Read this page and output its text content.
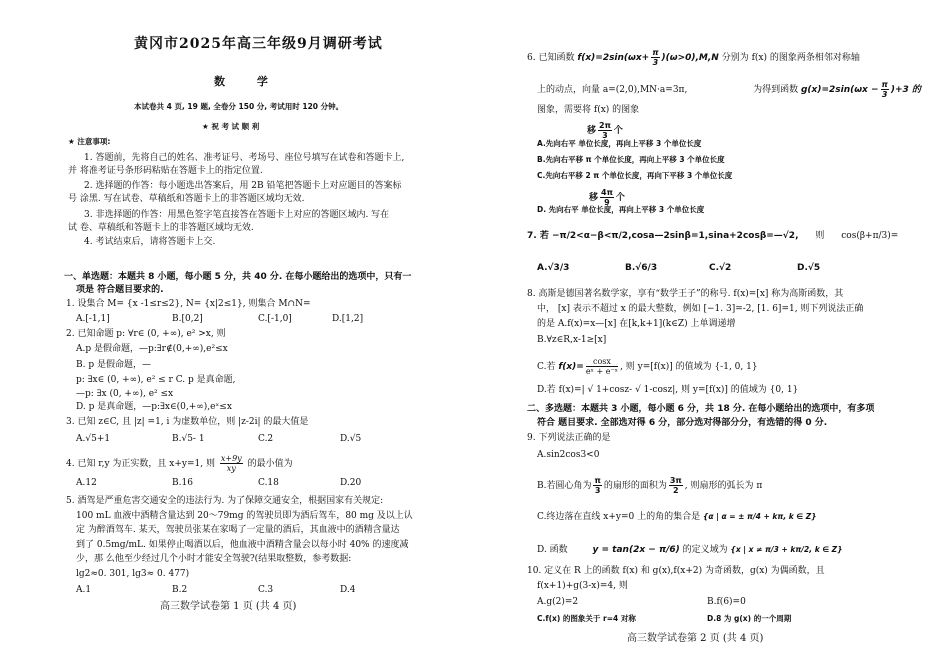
黄冈市2025年高三年级9月调研考试
数 学
本试卷共 4 页, 19 题, 全卷分 150 分, 考试用时 120 分钟。
★ 祝 考 试 顺 利
★ 注意事项:
1. 答题前，先将自己的姓名、准考证号、考场号、座位号填写在试卷和答题卡上,
并 将准考证号条形码粘贴在答题卡上的指定位置.
2. 选择题的作答：每小题选出答案后，用 2B 铅笔把答题卡上对应题目的答案标
号 涂黑. 写在试卷、草稿纸和答题卡上的非答题区域均无效.
3. 非选择题的作答：用黑色签字笔直接答在答题卡上对应的答题区域内. 写在
试 卷、草稿纸和答题卡上的非答题区域均无效.
4. 考试结束后，请将答题卡上交.
一、单选题：本题共 8 小题，每小题 5 分，共 40 分. 在每小题给出的选项中，只有一
项是 符合题目要求的.
1. 设集合 M= {x -1≤r≤2}, N= {x|2≤1}, 则集合 M∩N=
A.[-1,1]	B.[0,2]	C.[-1,0]	D.[1,2]
2. 已知命题 p: ∀r∈ (0, +∞), e² >x, 则
A.p 是假命题，—p:∃r∉(0,+∞),e²≤x
B. p 是假命题，—
p: ∃x∈ (0, +∞), e² ≤ r C. p 是真命题,
—p: ∃x (0, +∞), e² ≤x
D. p 是真命题，—p:∃x∈(0,+∞),eˣ≤x
3. 已知 z∈C, 且 |z| =1, i 为虚数单位，则 |z-2i| 的最大值是
A.√5+1	B.√5- 1	C.2	D.√5
4. 已知 r,y 为正实数，且 x+y=1, 则 $\frac{x+9y}{xy}$ 的最小值为
A.12	B.16	C.18	D.20
5. 酒驾是严重危害交通安全的违法行为. 为了保障交通安全，根据国家有关规定:
100 mL 血液中酒精含量达到 20～79mg 的驾驶员即为酒后驾车，80 mg 及以上认
定 为醉酒驾车. 某天，驾驶员张某在家喝了一定量的酒后，其血液中的酒精含量达
到了 0.5mg/mL. 如果停止喝酒以后，他血液中酒精含量会以每小时 40% 的速度减
少，那 么他至少经过几个小时才能安全驾驶?(结果取整数，参考数据:
lg2≈0. 301, lg3≈ 0. 477)
A.1	B.2	C.3	D.4
高三数学试卷第 1 页 (共 4 页)
6. 已知函数 $f(x)=2\sin(\omega x+ \frac{\pi}{3} )(\omega>0),M,N$ 分别为 f(x) 的图象两条相邻对称轴
上的动点，向量 a=(2,0),MN·a=3π,	为得到函数 $g(x)=2\sin(\omega x - \frac{\pi}{3} )+3$ 的
图象，需要将 f(x) 的图象
移 $\frac{2\pi}{3}$ 个
A.先向右平 单位长度，再向上平移 3 个单位长度
B.先向右平移 π 个单位长度，再向上平移 3 个单位长度
C.先向右平移 2 π 个单位长度，再向下平移 3 个单位长度
移 $\frac{4\pi}{9}$ 个
D. 先向右平 单位长度，再向上平移 3 个单位长度
7. 若 −π/2<α−β<π/2,cosa—2sinβ=1,sina+2cosβ=—√2, 则 cos(β+π/3)=
A.√3/3	B.√6/3	C.√2	D.√5
8. 高斯是德国著名数学家，享有“数学王子”的称号. f(x)=[x] 称为高斯函数，其
中， [x] 表示不超过 x 的最大整数，例如 [−1. 3]=-2, [1. 6]=1, 则下列说法正确
的是 A.f(x)=x—[x] 在[k,k+1](k∈Z) 上单调递增
B.∀z∈R,x-1≥[x]
C.若 $f(x)= \frac{\cos x}{\text{eˣ + e⁻ˣ}}$ , 则 y=[f(x)] 的值域为 {-1, 0, 1}
D.若 f(x)=| √ 1+cosz- √ 1-cosz|, 则 y=[f(x)] 的值域为 {0, 1}
二、多选题：本题共 3 小题，每小题 6 分，共 18 分. 在每小题给出的选项中，有多项
符合 题目要求. 全部选对得 6 分，部分选对得部分分，有选错的得 0 分.
9. 下列说法正确的是
A.sin2cos3<0
B.若圆心角为 $\frac{\pi}{3}$ 的扇形的面积为 $\frac{3\pi}{2}$ , 则扇形的弧长为 π
C.终边落在直线 x+y=0 上的角的集合是 {α | α = ± π/4 + kπ, k ∈ Z}
D. 函数	y = tan(2x − π/6) 的定义域为 {x | x ≠ π/3 + kπ/2, k ∈ Z}
10. 定义在 R 上的函数 f(x) 和 g(x),f(x+2) 为奇函数，g(x) 为偶函数，且
f(x+1)+g(3-x)=4, 则
A.g(2)=2	B.f(6)=0
C.f(x) 的图象关于 r=4 对称	D.8 为 g(x) 的一个周期
高三数学试卷第 2 页 (共 4 页)
